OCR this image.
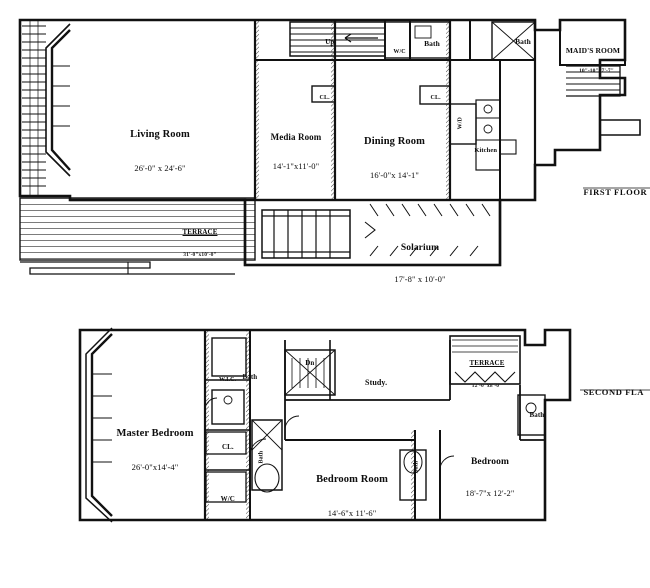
Living Room

26'-0" x 24'-6"

Media Room

14'-1"x11'-0"

Dining Room

16'-0"x 14'-1"

Solarium

17'-8" x 10'-0"

MAID'S ROOM

10"-10"x7'-7"

Kitchen

Bath	Bath

W/C

W/D

CL.	CL.

Up

TERRACE

31'-0"x10'-0"

FIRST FLOOR

Master Bedroom

26'-0"x14'-4"

Bedroom Room

14'-6"x 11'-6"

Bedroom

18'-7"x 12'-2"

Study.

Bath

Bath

Bath

Bath

W.I.C.

W/C

CL.

Dn

	TERRACE

12'-0"x8'-0"

SECOND FLA
